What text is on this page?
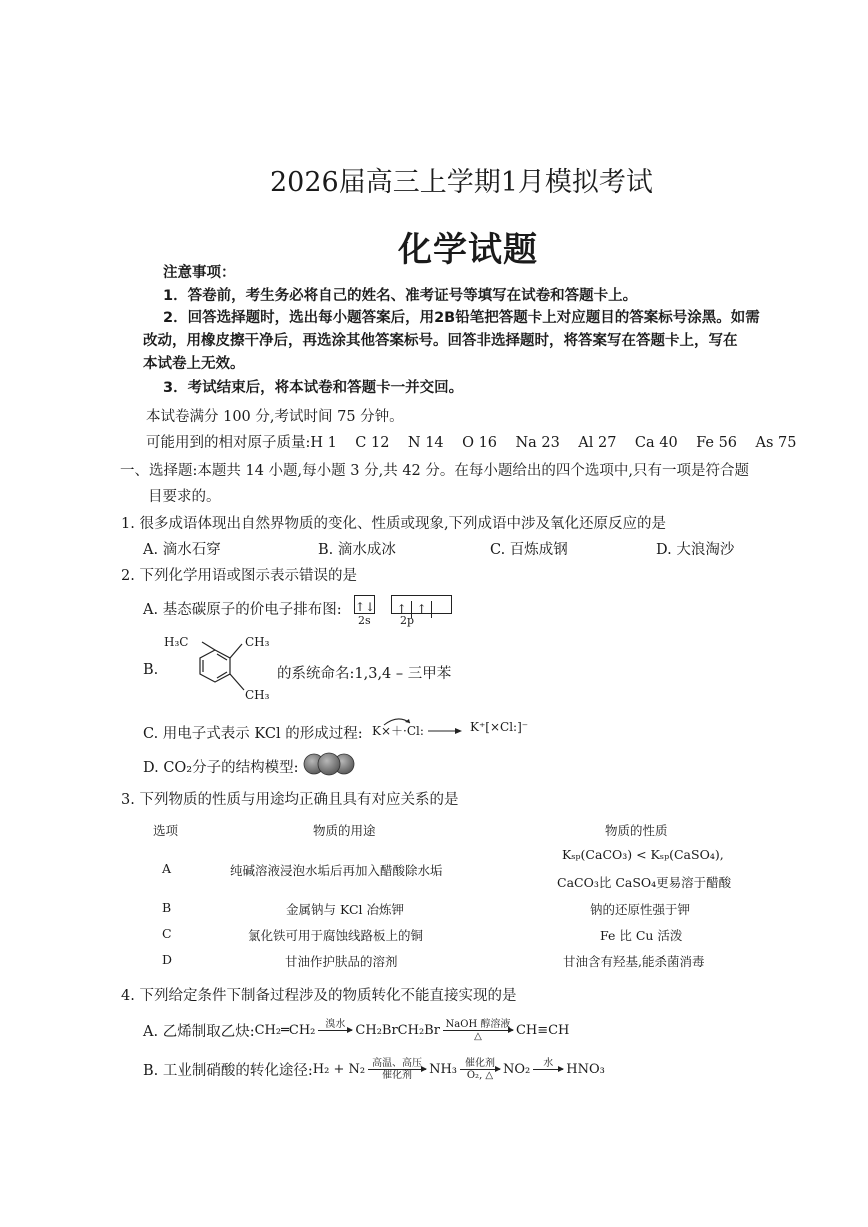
2026届高三上学期1月模拟考试
化学试题
注意事项：
1．答卷前，考生务必将自己的姓名、准考证号等填写在试卷和答题卡上。
2．回答选择题时，选出每小题答案后，用2B铅笔把答题卡上对应题目的答案标号涂黑。如需
改动，用橡皮擦干净后，再选涂其他答案标号。回答非选择题时，将答案写在答题卡上，写在
本试卷上无效。
3．考试结束后，将本试卷和答题卡一并交回。
本试卷满分 100 分,考试时间 75 分钟。
可能用到的相对原子质量:H 1    C 12    N 14    O 16    Na 23    Al 27    Ca 40    Fe 56    As 75
一、选择题:本题共 14 小题,每小题 3 分,共 42 分。在每小题给出的四个选项中,只有一项是符合题
目要求的。
1. 很多成语体现出自然界物质的变化、性质或现象,下列成语中涉及氧化还原反应的是
A. 滴水石穿	B. 滴水成冰	C. 百炼成钢	D. 大浪淘沙
2. 下列化学用语或图示表示错误的是
A. 基态碳原子的价电子排布图: ↑↓ ↑ ↑
2s	2p
B.
H₃C	CH₃
CH₃
的系统命名:1,3,4 – 三甲苯
C. 用电子式表示 KCl 的形成过程: K×＋·Cl: → K⁺[×Cl:]⁻
D. CO₂分子的结构模型:
3. 下列物质的性质与用途均正确且具有对应关系的是
选项	物质的用途	物质的性质
A	纯碱溶液浸泡水垢后再加入醋酸除水垢
Kₛₚ(CaCO₃) < Kₛₚ(CaSO₄),
CaCO₃比 CaSO₄更易溶于醋酸
B	金属钠与 KCl 冶炼钾	钠的还原性强于钾
C	氯化铁可用于腐蚀线路板上的铜	Fe 比 Cu 活泼
D	甘油作护肤品的溶剂	甘油含有羟基,能杀菌消毒
4. 下列给定条件下制备过程涉及的物质转化不能直接实现的是
A. 乙烯制取乙炔: CH₂═CH₂	溴水
CH₂BrCH₂Br NaOH 醇溶液
△	CH≡CH
B. 工业制硝酸的转化途径: H₂ + N₂ 高温、高压
催化剂	NH₃ 催化剂
O₂, △ NO₂	水
	HNO₃
